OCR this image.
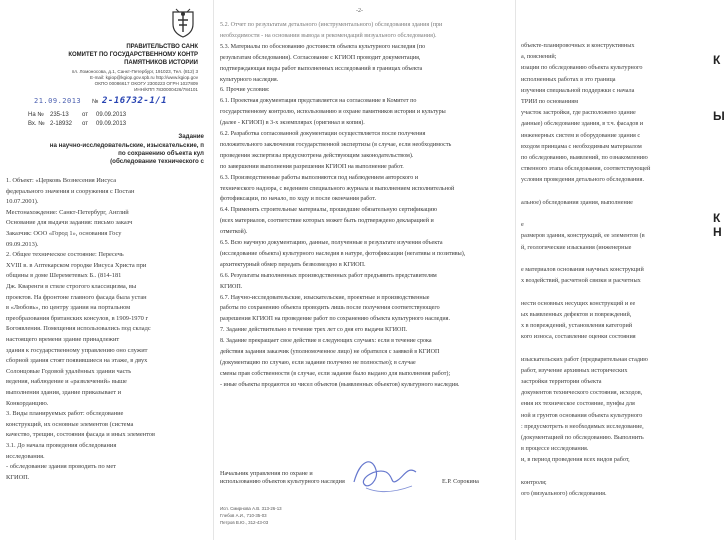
ПРАВИТЕЛЬСТВО САНК
КОМИТЕТ ПО ГОСУДАРСТВЕННОМУ КОНТР
ПАМЯТНИКОВ ИСТОРИИ
пл. Ломоносова, д.1, Санкт-Петербург, 191023, Тел. (812) 3
E-mail: kgiop@kgiop.gov.spb.ru http://www.kgiop.gov
ОКПО 00086617 ОКОГУ 2300223 ОГРН 1027809
ИНН/КПП 7830000426/784101
21.09.2013 № 2-16732-1/1
На № 235-13 от 09.09.2013
Вх. № 2-18932 от 09.09.2013
Задание
на научно-исследовательские, изыскательские, п
по сохранению объекта кул
(обследование технического с
1. Объект: «Церковь Вознесения Иисуса
федерального значения и сооружения с Постан
10.07.2001).
Местонахождение: Санкт-Петербург, Англий
Основание для выдачи задания: письмо заказч
Заказчик: ООО «Город 1», основания Госу
09.09.2013).
2. Общее техническое состояние: Пересечь
XVIII в. в Аптекарском городке Иисуса Христа при
общины в доме Шереметевых Б.. (814-181
Дж. Кваренги в стиле строгого классицизма, вы
проектов. На фронтоне главного фасада была устан
в «Любовь», по центру здания на портальном
преобразования британских консулов, в 1909-1970 г
Богоявления. Помещения использовались под складс
настоящего времени здание принадлежит
здания к государственному управлению оно служит
сборной здания стоят появившиеся на этаже, в двух
Солонцовые Годовой удалённых здании часть
ведения, наблюдение и «развлечений» выше
выполнения здания, здание приказывает и
Конкорданцию.
3. Виды планируемых работ: обследование
конструкций, их основные элементов (система
качество, трещин, состояния фасада и иных элементов
3.1. До начала проведения обследования
исследования.
- обследование здания проводить по мет
КГИОП.
-2-
5.2. Отчет по результатам детального (инструментального) обследования здания (при
необходимости - на основании вывода и рекомендаций визуального обследования).
5.3. Материалы по обоснованию достоинств объекта культурного наследия (по
результатам обследования). Согласование с КГИОП проводит документация,
подтверждающая виды работ выполненных исследований в границах объекта
культурного наследия.
6. Прочие условия:
6.1. Проектная документация представляется на согласование в Комитет по
государственному контролю, использованию и охране памятников истории и культуры
(далее - КГИОП) в 3-х экземплярах (оригинал и копия).
6.2. Разработка согласованной документации осуществляется после получения
положительного заключения государственной экспертизы (в случае, если необходимость
проведения экспертизы предусмотрена действующим законодательством).
по завершении выполнения разрешения КГИОП на выполнение работ.
6.3. Производственные работы выполняются под наблюдением авторского и
технического надзора, с ведением специального журнала и выполнением исполнительной
фотофиксации, по начало, по ходу и после окончания работ.
6.4. Применять строительные материалы, прошедшие обязательную сертификацию
(всех материалов, соответствие которых может быть подтверждено декларацией и
отметкой).
6.5. Всю научную документацию, данные, полученные в результате изучения объекта
(исследование объекта) культурного наследия в натуре, фотофиксации (негативы и позитивы),
архитектурный обмер передать безвозмездно в КГИОП.
6.6. Результаты выполненных производственных работ предъявить представителям
КГИОП.
6.7. Научно-исследовательские, изыскательские, проектные и производственные
работы по сохранению объекта проводить лишь после получения соответствующего
разрешения КГИОП на проведение работ по сохранению объекта культурного наследия.
7. Задание действительно в течение трех лет со дня его выдачи КГИОП.
8. Задание прекращает свое действие в следующих случаях: если в течение срока
действия задания заказчик (уполномоченное лицо) не обратился с заявкой в КГИОП
(документацию по случаю, если задание получено не полностью); в случае
смены прав собственности (в случае, если задание было выдано для выполнения работ);
- иные объекты продаются из чисел объектов (выявленных объектов) культурного наследия.
Начальник управления по охране и
использованию объектов культурного наследия	Е.Р. Сорокина
Исп. Смирнова А.В. 313-26-13
Глебов А.И., 710-35-03
Петров В.Ю., 312-43-03
объекте-планировочных и конструктивных
а, пояснений;
изации по обследованию объекта культурного
исполненных работах в это граница
изучения специальной поддержки с начала
ТРИИ по основаниям
участок застройки, где расположено здание
данные) обследование здания, в т.ч. фасадов и
инженерных систем и оборудование здания с
входом принцама с необходимым материалом
по обследованию, выявлений, по ознакомлению
ственного этапа обследования, соответствующей
условия проведения детального обследования.
альное) обследования здания, выполнение
е
размеров здания, конструкций, ее элементов (в
й, геологические изыскания (инженерные
е материалов основания научных конструкций
х воздействий, расчетной связки и расчетных
нести основных несущих конструкций и ее
ых выявленных дефектов и повреждений,
х в повреждений, установления категорий
кого износа, составление оценки состояния
изыскательских работ (предварительная стадию
работ, изучение архивных исторических
застройки территории объекта
документов технического состояния, исходов,
ения их техническое состояние, пунфы для
ной и грунтов основания объекта культурного
: предусмотреть в необходимых исследование,
(документацией по обследованию. Выполнить
в процессе исследования.
и, в период проведения всех видов работ,
контроля;
ого (визуального) обследования.
К
Ы
К
Н
